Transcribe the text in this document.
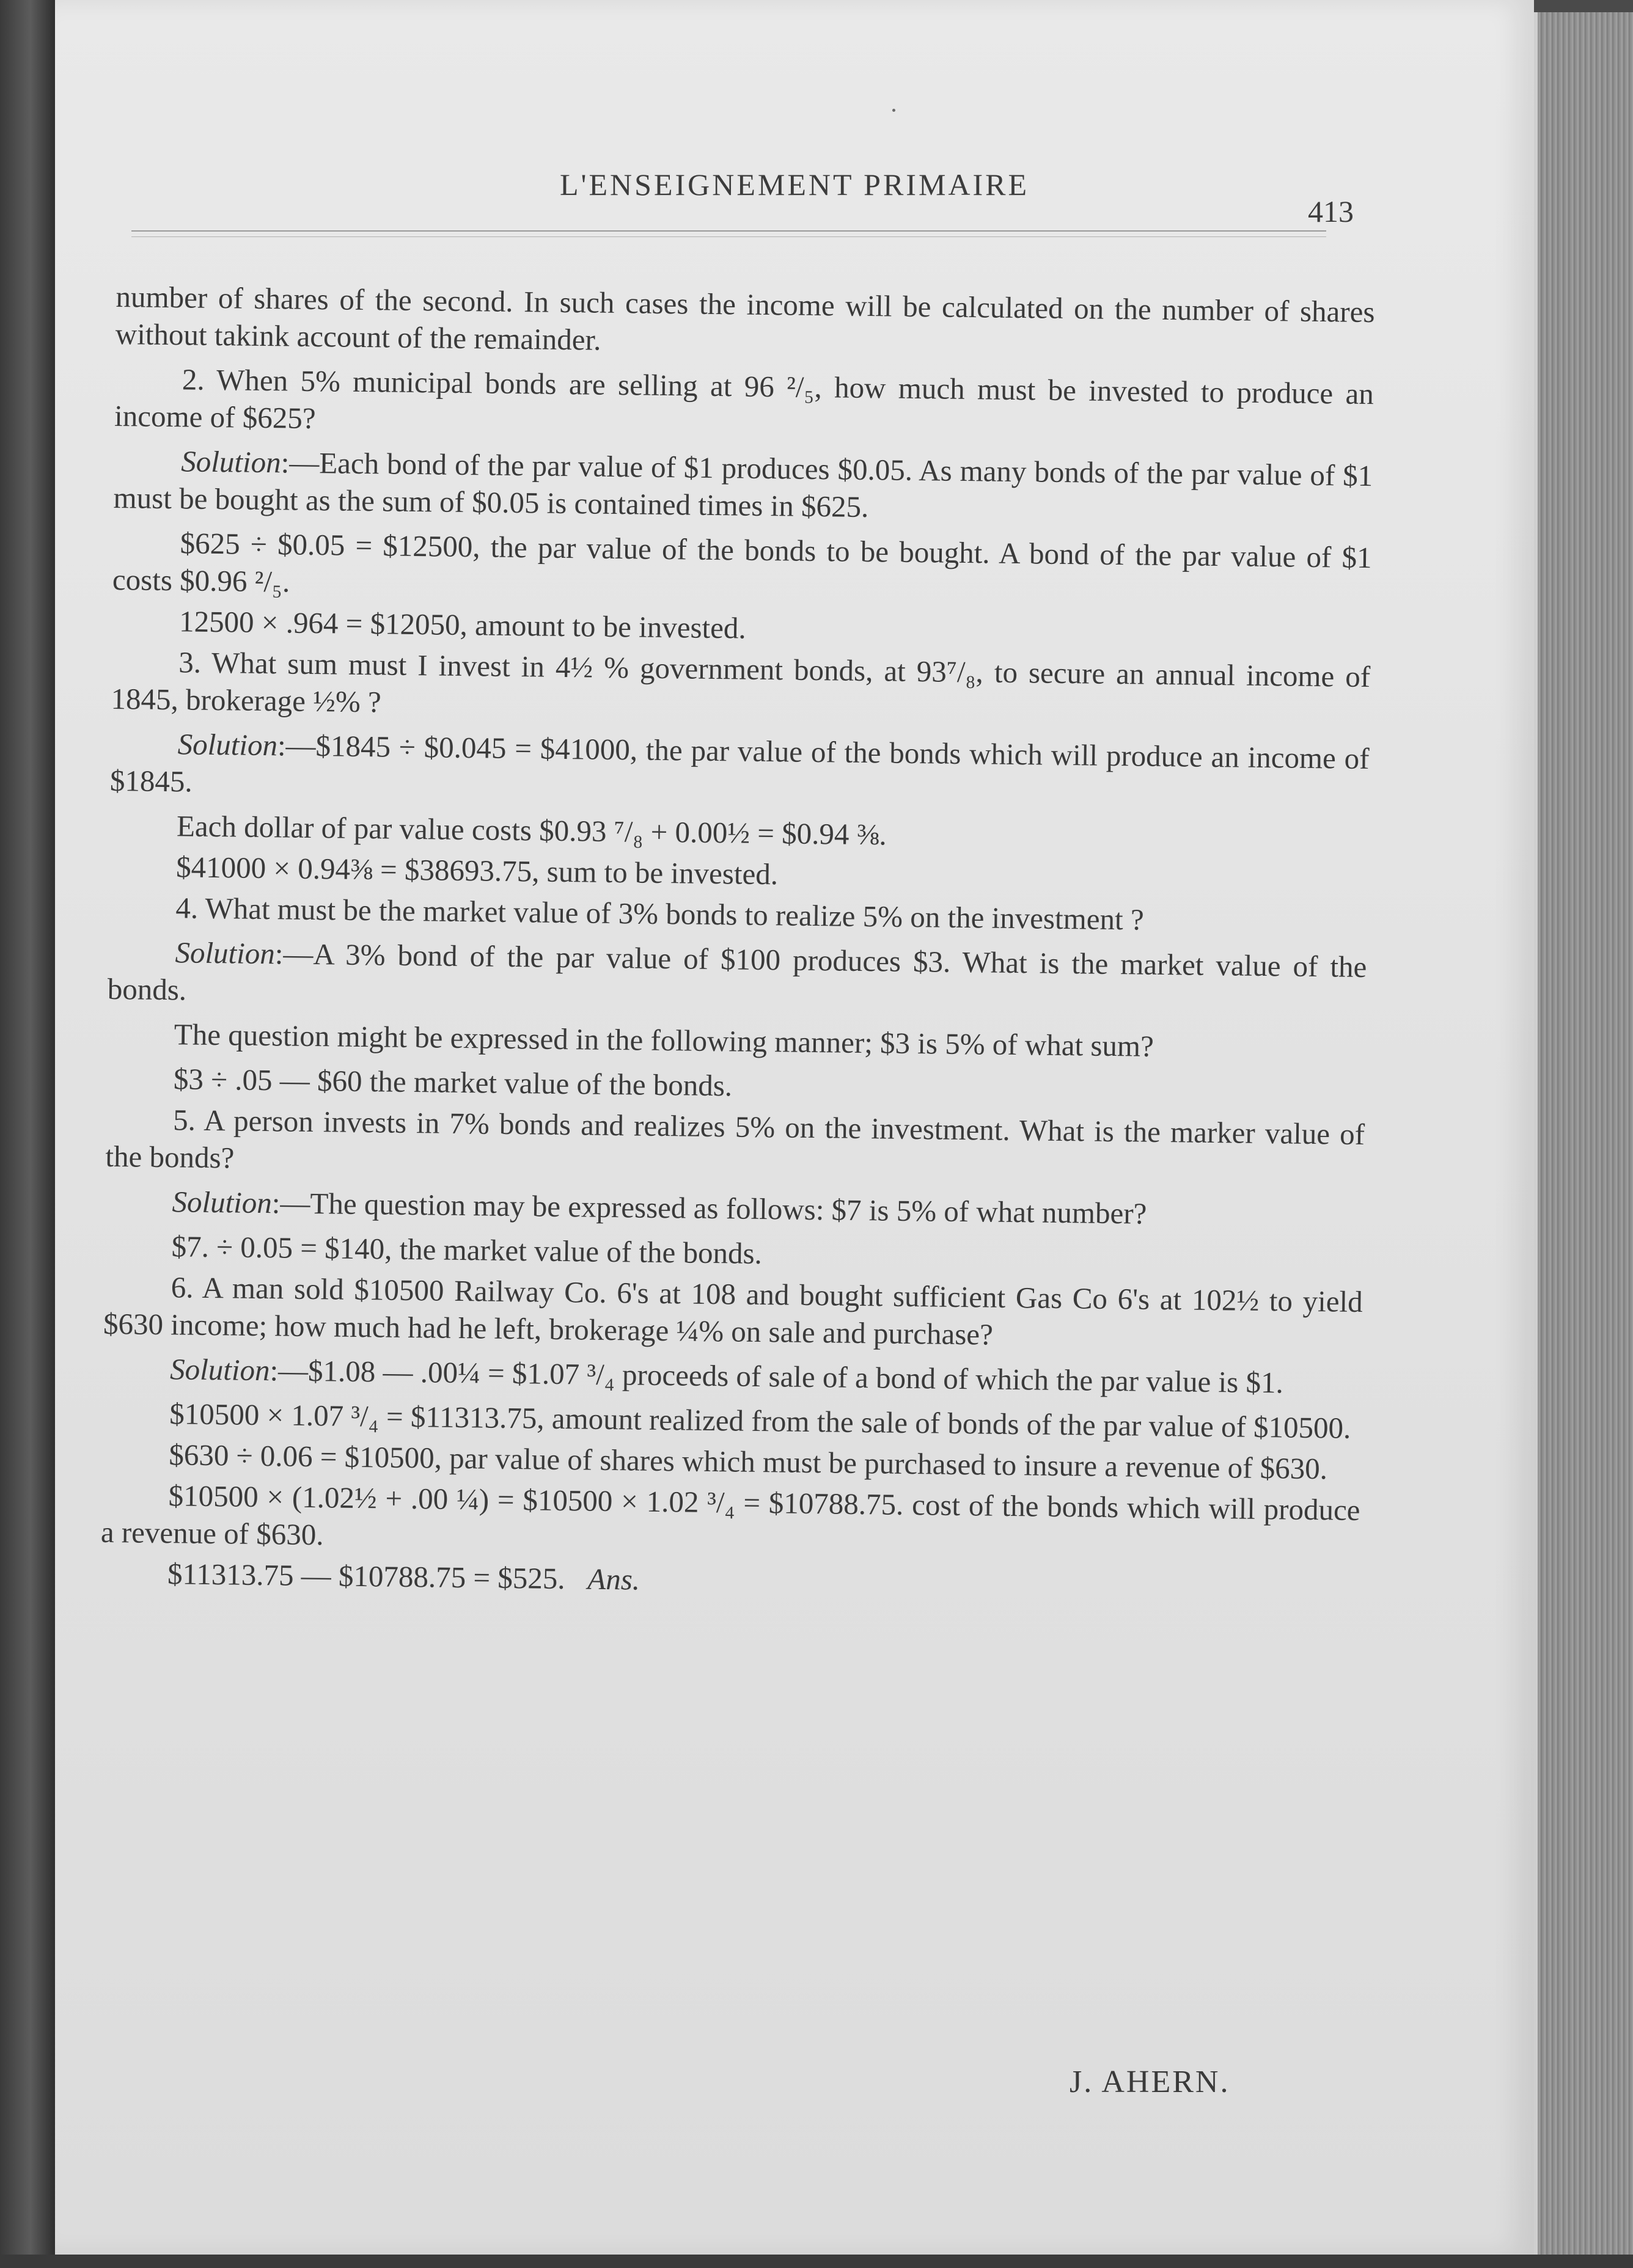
L'ENSEIGNEMENT PRIMAIRE
413

number of shares of the second. In such cases the income will be calculated on the number of shares without takink account of the remainder.

2. When 5% municipal bonds are selling at 96 ²/₅, how much must be invested to produce an income of $625?

Solution:—Each bond of the par value of $1 produces $0.05. As many bonds of the par value of $1 must be bought as the sum of $0.05 is contained times in $625.

$625 ÷ $0.05 = $12500, the par value of the bonds to be bought. A bond of the par value of $1 costs $0.96 ²/₅.

12500 × .964 = $12050, amount to be invested.

3. What sum must I invest in 4½ % government bonds, at 93⁷/₈, to secure an annual income of 1845, brokerage ½% ?

Solution:—$1845 ÷ $0.045 = $41000, the par value of the bonds which will produce an income of $1845.

Each dollar of par value costs $0.93 ⁷/₈ + 0.00½ = $0.94 ⅜.

$41000 × 0.94⅜ = $38693.75, sum to be invested.

4. What must be the market value of 3% bonds to realize 5% on the investment ?

Solution:—A 3% bond of the par value of $100 produces $3. What is the market value of the bonds.

The question might be expressed in the following manner; $3 is 5% of what sum?

$3 ÷ .05 — $60 the market value of the bonds.

5. A person invests in 7% bonds and realizes 5% on the investment. What is the marker value of the bonds?

Solution:—The question may be expressed as follows: $7 is 5% of what number?

$7. ÷ 0.05 = $140, the market value of the bonds.

6. A man sold $10500 Railway Co. 6's at 108 and bought sufficient Gas Co 6's at 102½ to yield $630 income; how much had he left, brokerage ¼% on sale and purchase?

Solution:—$1.08 — .00¼ = $1.07 ³/₄ proceeds of sale of a bond of which the par value is $1.

$10500 × 1.07 ³/₄ = $11313.75, amount realized from the sale of bonds of the par value of $10500.

$630 ÷ 0.06 = $10500, par value of shares which must be purchased to insure a revenue of $630.

$10500 × (1.02½ + .00 ¼) = $10500 × 1.02 ³/₄ = $10788.75. cost of the bonds which will produce a revenue of $630.

$11313.75 — $10788.75 = $525. Ans.

J. AHERN.
